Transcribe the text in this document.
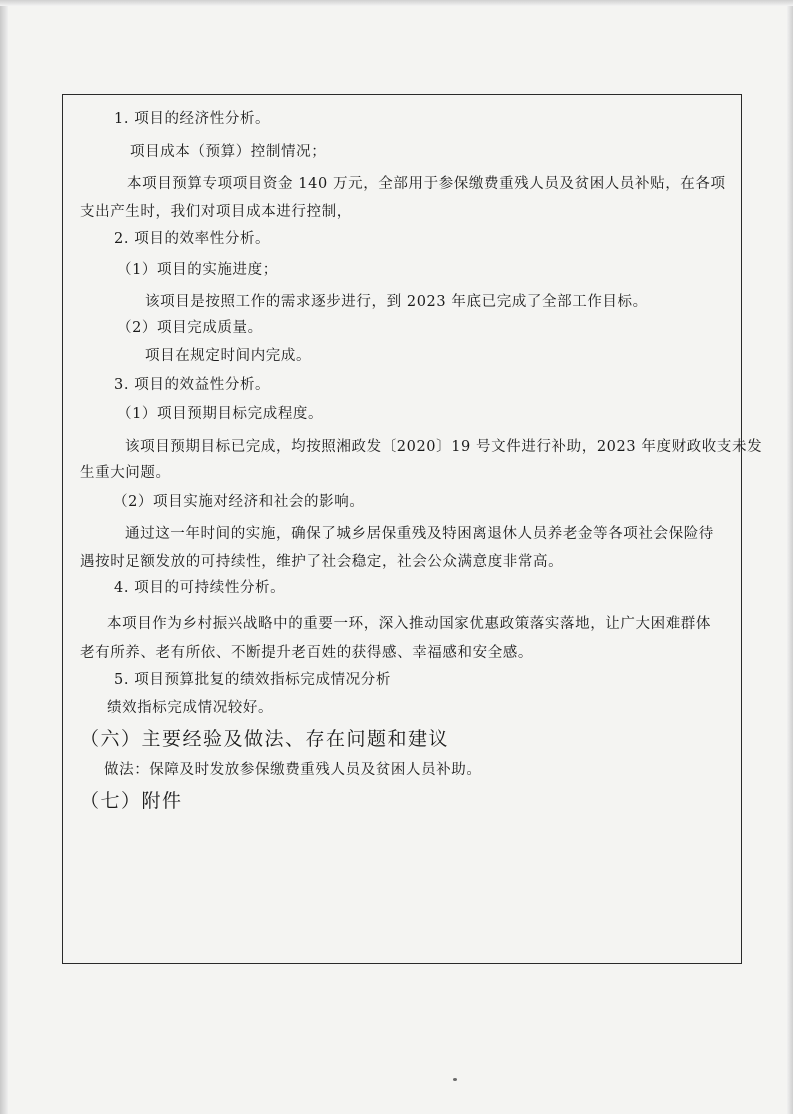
1. 项目的经济性分析。
项目成本（预算）控制情况；
本项目预算专项项目资金 140 万元，全部用于参保缴费重残人员及贫困人员补贴，在各项
支出产生时，我们对项目成本进行控制，
2. 项目的效率性分析。
（1）项目的实施进度；
该项目是按照工作的需求逐步进行，到 2023 年底已完成了全部工作目标。
（2）项目完成质量。
项目在规定时间内完成。
3. 项目的效益性分析。
（1）项目预期目标完成程度。
该项目预期目标已完成，均按照湘政发〔2020〕19 号文件进行补助，2023 年度财政收支未发
生重大问题。
（2）项目实施对经济和社会的影响。
通过这一年时间的实施，确保了城乡居保重残及特困离退休人员养老金等各项社会保险待
遇按时足额发放的可持续性，维护了社会稳定，社会公众满意度非常高。
4. 项目的可持续性分析。
本项目作为乡村振兴战略中的重要一环，深入推动国家优惠政策落实落地，让广大困难群体
老有所养、老有所依、不断提升老百姓的获得感、幸福感和安全感。
5. 项目预算批复的绩效指标完成情况分析
绩效指标完成情况较好。
（六）主要经验及做法、存在问题和建议
做法：保障及时发放参保缴费重残人员及贫困人员补助。
（七）附件
